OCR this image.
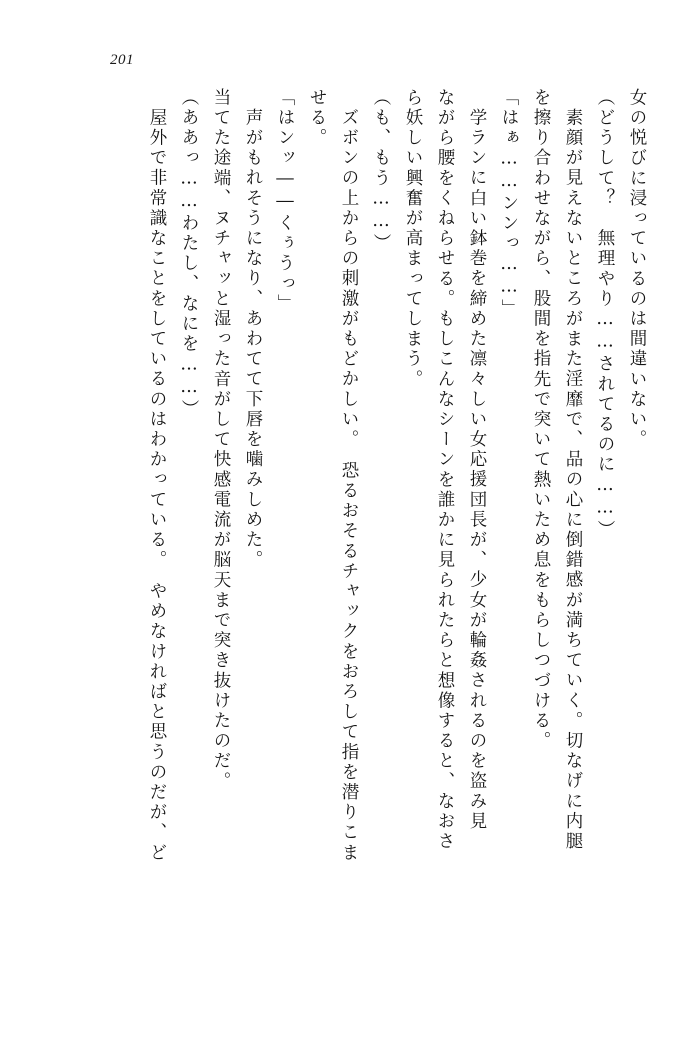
201
女の悦びに浸っているのは間違いない。
（どうして？　無理やり……されてるのに……）
素顔が見えないところがまた淫靡で、品の心に倒錯感が満ちていく。切なげに内腿
を擦り合わせながら、股間を指先で突いて熱いため息をもらしつづける。
「はぁ……ンンっ……」
学ランに白い鉢巻を締めた凛々しい女応援団長が、少女が輪姦されるのを盗み見
ながら腰をくねらせる。もしこんなシーンを誰かに見られたらと想像すると、なおさ
ら妖しい興奮が高まってしまう。
（も、もう……）
ズボンの上からの刺激がもどかしい。　恐るおそるチャックをおろして指を潜りこま
せる。
「はンッ――くぅうっ」
声がもれそうになり、あわてて下唇を噛みしめた。
当てた途端、ヌチャッと湿った音がして快感電流が脳天まで突き抜けたのだ。
（ああっ……わたし、なにを……）
屋外で非常識なことをしているのはわかっている。　やめなければと思うのだが、ど
